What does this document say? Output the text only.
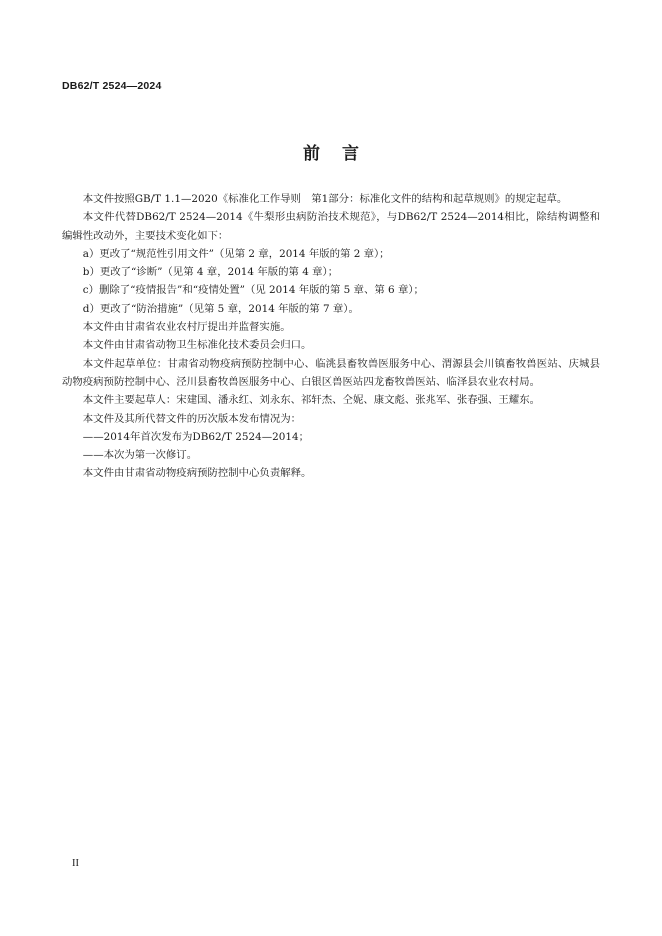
DB62/T 2524—2024
前言

本文件按照GB/T 1.1—2020《标准化工作导则　第1部分：标准化文件的结构和起草规则》的规定起草。

本文件代替DB62/T 2524—2014《牛梨形虫病防治技术规范》，与DB62/T 2524—2014相比，除结构调整和编辑性改动外，主要技术变化如下：

a）更改了“规范性引用文件”（见第 2 章，2014 年版的第 2 章）；

b）更改了“诊断”（见第 4 章，2014 年版的第 4 章）；

c）删除了“疫情报告”和“疫情处置”（见 2014 年版的第 5 章、第 6 章）；

d）更改了“防治措施”（见第 5 章，2014 年版的第 7 章）。

本文件由甘肃省农业农村厅提出并监督实施。

本文件由甘肃省动物卫生标准化技术委员会归口。

本文件起草单位：甘肃省动物疫病预防控制中心、临洮县畜牧兽医服务中心、渭源县会川镇畜牧兽医站、庆城县动物疫病预防控制中心、泾川县畜牧兽医服务中心、白银区兽医站四龙畜牧兽医站、临泽县农业农村局。

本文件主要起草人：宋建国、潘永红、刘永东、祁轩杰、仝妮、康文彪、张兆军、张春强、王耀东。

本文件及其所代替文件的历次版本发布情况为：

——2014年首次发布为DB62/T 2524—2014；

——本次为第一次修订。

本文件由甘肃省动物疫病预防控制中心负责解释。

II
